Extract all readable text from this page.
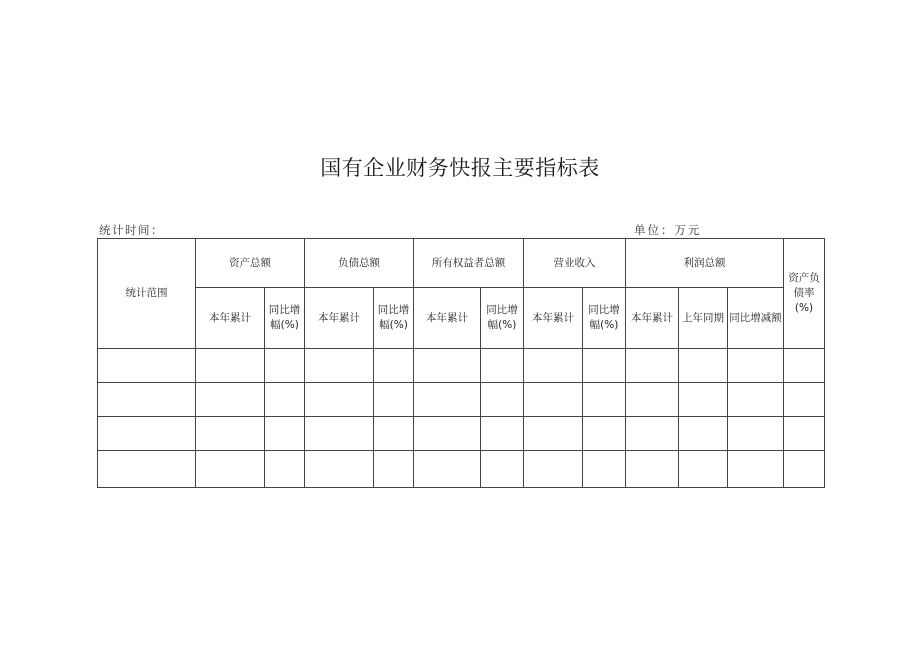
国有企业财务快报主要指标表
统计时间：	单位：万元
统计范围	资产总额		负债总额		所有权益者总额		营业收入		利润总额			资产负债率(%)

	本年累计	同比增幅(%)	本年累计	同比增幅(%)	本年累计	同比增幅(%)	本年累计	同比增幅(%)	本年累计	上年同期	同比增减额	
